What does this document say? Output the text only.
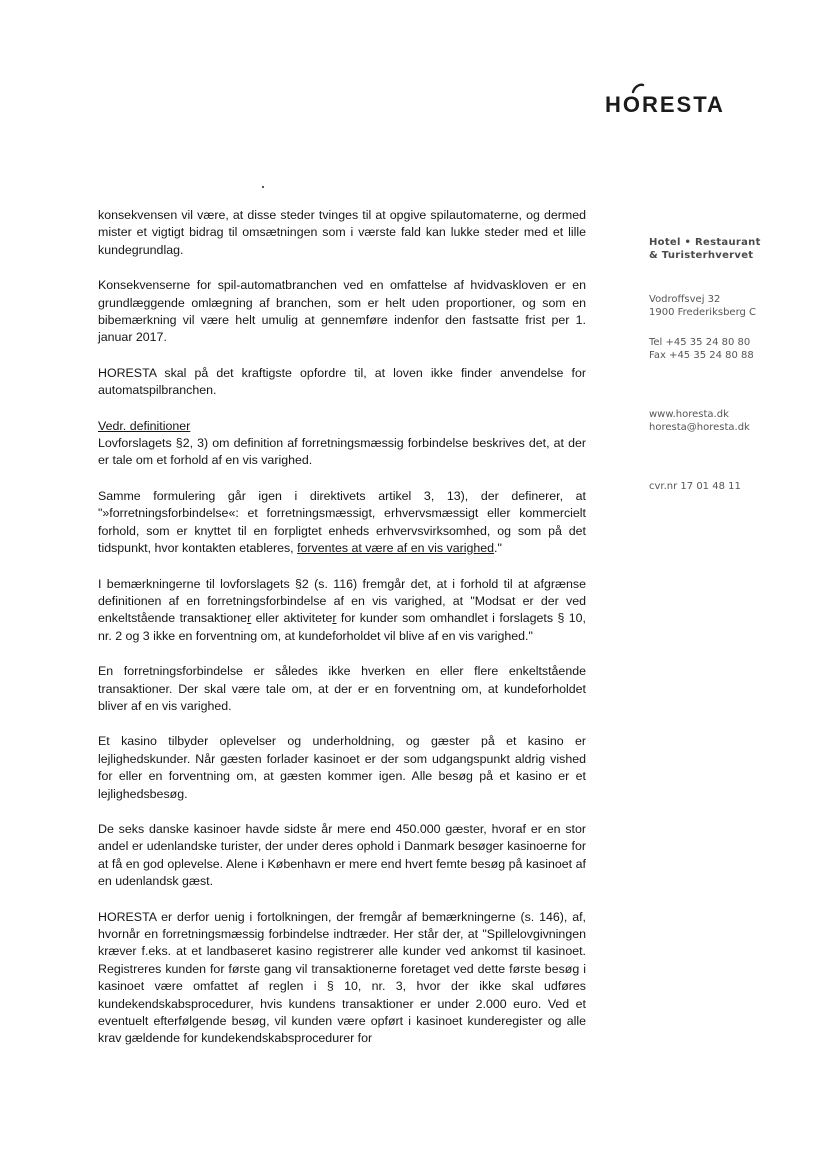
HORESTA
Hotel • Restaurant
& Turisterhvervet
Vodroffsvej 32
1900 Frederiksberg C
Tel +45 35 24 80 80
Fax +45 35 24 80 88
www.horesta.dk
horesta@horesta.dk
cvr.nr 17 01 48 11

konsekvensen vil være, at disse steder tvinges til at opgive spilautomaterne, og dermed mister et vigtigt bidrag til omsætningen som i værste fald kan lukke steder med et lille kundegrundlag.

Konsekvenserne for spil-automatbranchen ved en omfattelse af hvidvaskloven er en grundlæggende omlægning af branchen, som er helt uden proportioner, og som en bibemærkning vil være helt umulig at gennemføre indenfor den fastsatte frist per 1. januar 2017.

HORESTA skal på det kraftigste opfordre til, at loven ikke finder anvendelse for automatspilbranchen.

Vedr. definitioner
Lovforslagets §2, 3) om definition af forretningsmæssig forbindelse beskrives det, at der er tale om et forhold af en vis varighed.

Samme formulering går igen i direktivets artikel 3, 13), der definerer, at "»forretningsforbindelse«: et forretningsmæssigt, erhvervsmæssigt eller kommercielt forhold, som er knyttet til en forpligtet enheds erhvervsvirksomhed, og som på det tidspunkt, hvor kontakten etableres, forventes at være af en vis varighed."

I bemærkningerne til lovforslagets §2 (s. 116) fremgår det, at i forhold til at afgrænse definitionen af en forretningsforbindelse af en vis varighed, at "Modsat er der ved enkeltstående transaktioner eller aktiviteter for kunder som omhandlet i forslagets § 10, nr. 2 og 3 ikke en forventning om, at kundeforholdet vil blive af en vis varighed."

En forretningsforbindelse er således ikke hverken en eller flere enkeltstående transaktioner. Der skal være tale om, at der er en forventning om, at kundeforholdet bliver af en vis varighed.

Et kasino tilbyder oplevelser og underholdning, og gæster på et kasino er lejlighedskunder. Når gæsten forlader kasinoet er der som udgangspunkt aldrig vished for eller en forventning om, at gæsten kommer igen. Alle besøg på et kasino er et lejlighedsbesøg.

De seks danske kasinoer havde sidste år mere end 450.000 gæster, hvoraf er en stor andel er udenlandske turister, der under deres ophold i Danmark besøger kasinoerne for at få en god oplevelse. Alene i København er mere end hvert femte besøg på kasinoet af en udenlandsk gæst.

HORESTA er derfor uenig i fortolkningen, der fremgår af bemærkningerne (s. 146), af, hvornår en forretningsmæssig forbindelse indtræder. Her står der, at "Spillelovgivningen kræver f.eks. at et landbaseret kasino registrerer alle kunder ved ankomst til kasinoet. Registreres kunden for første gang vil transaktionerne foretaget ved dette første besøg i kasinoet være omfattet af reglen i § 10, nr. 3, hvor der ikke skal udføres kundekendskabsprocedurer, hvis kundens transaktioner er under 2.000 euro. Ved et eventuelt efterfølgende besøg, vil kunden være opført i kasinoet kunderegister og alle krav gældende for kundekendskabsprocedurer for
